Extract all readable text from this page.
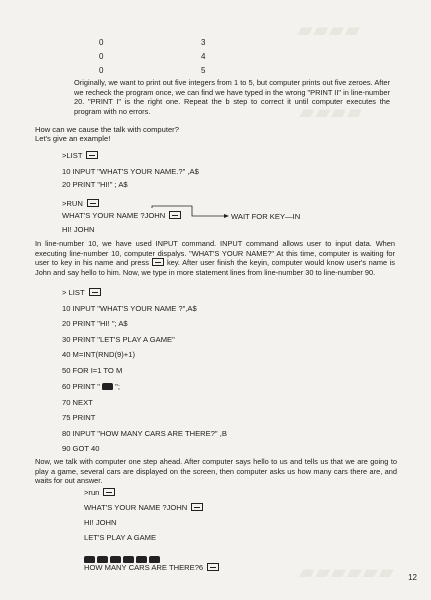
▰▰▰▰
▰▰▰▰
▰▰▰▰▰▰
0	3
0	4
0	5
Originally, we want to print out five integers from 1 to 5, but computer prints out five zeroes. After we recheck the program once, we can find we have typed in the wrong "PRINT II" in line-number 20. "PRINT I" is the right one. Repeat the b step to correct it until computer executes the program with no errors.
How can we cause the talk with computer?
Let's give an example!
>LIST
10 INPUT "WHAT'S YOUR NAME.?" ,A$
20 PRINT "HI!" ; A$
>RUN
WHAT'S YOUR NAME ?JOHN	WAIT FOR KEY—IN
HI! JOHN
In line-number 10, we have used INPUT command. INPUT command allows user to input data. When executing line-number 10, computer dispalys. "WHAT'S YOUR NAME?" At this time, computer is waiting for user to key in his name and press  key. After user finish the keyin, computer would know user's name is John and say hello to him. Now, we type in more statement lines from line-number 30 to line-number 90.
> LIST
10 INPUT "WHAT'S YOUR NAME ?",A$
20 PRINT "HI! "; A$
30 PRINT "LET'S PLAY A GAME"
40 M=INT(RND(9)+1)
50 FOR I=1 TO M
60 PRINT " ";
70 NEXT
75 PRINT
80 INPUT "HOW MANY CARS ARE THERE?" ,B
90 GOT 40
Now, we talk with computer one step ahead. After computer says hello to us and tells us that we are going to play a game, several cars are displayed on the screen, then computer asks us how many cars there are, and waits for out answer.
>run
WHAT'S YOUR NAME ?JOHN
HI! JOHN
LET'S PLAY A GAME
HOW MANY CARS ARE THERE?6
12
